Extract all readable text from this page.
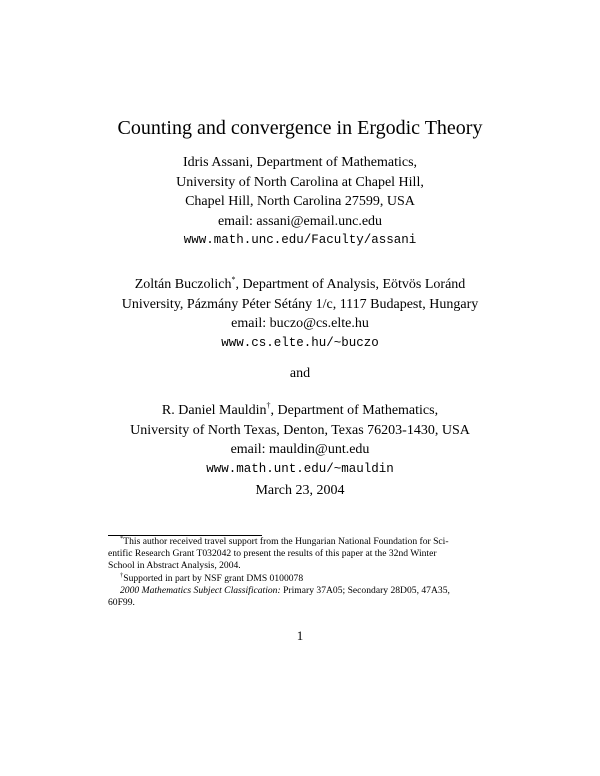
Counting and convergence in Ergodic Theory
Idris Assani, Department of Mathematics,
University of North Carolina at Chapel Hill,
Chapel Hill, North Carolina 27599, USA
email: assani@email.unc.edu
www.math.unc.edu/Faculty/assani
Zoltán Buczolich*, Department of Analysis, Eötvös Loránd
University, Pázmány Péter Sétány 1/c, 1117 Budapest, Hungary
email: buczo@cs.elte.hu
www.cs.elte.hu/~buczo
and
R. Daniel Mauldin†, Department of Mathematics,
University of North Texas, Denton, Texas 76203-1430, USA
email: mauldin@unt.edu
www.math.unt.edu/~mauldin
March 23, 2004
*This author received travel support from the Hungarian National Foundation for Sci-
entific Research Grant T032042 to present the results of this paper at the 32nd Winter
School in Abstract Analysis, 2004.
†Supported in part by NSF grant DMS 0100078
2000 Mathematics Subject Classification: Primary 37A05; Secondary 28D05, 47A35,
60F99.
1
